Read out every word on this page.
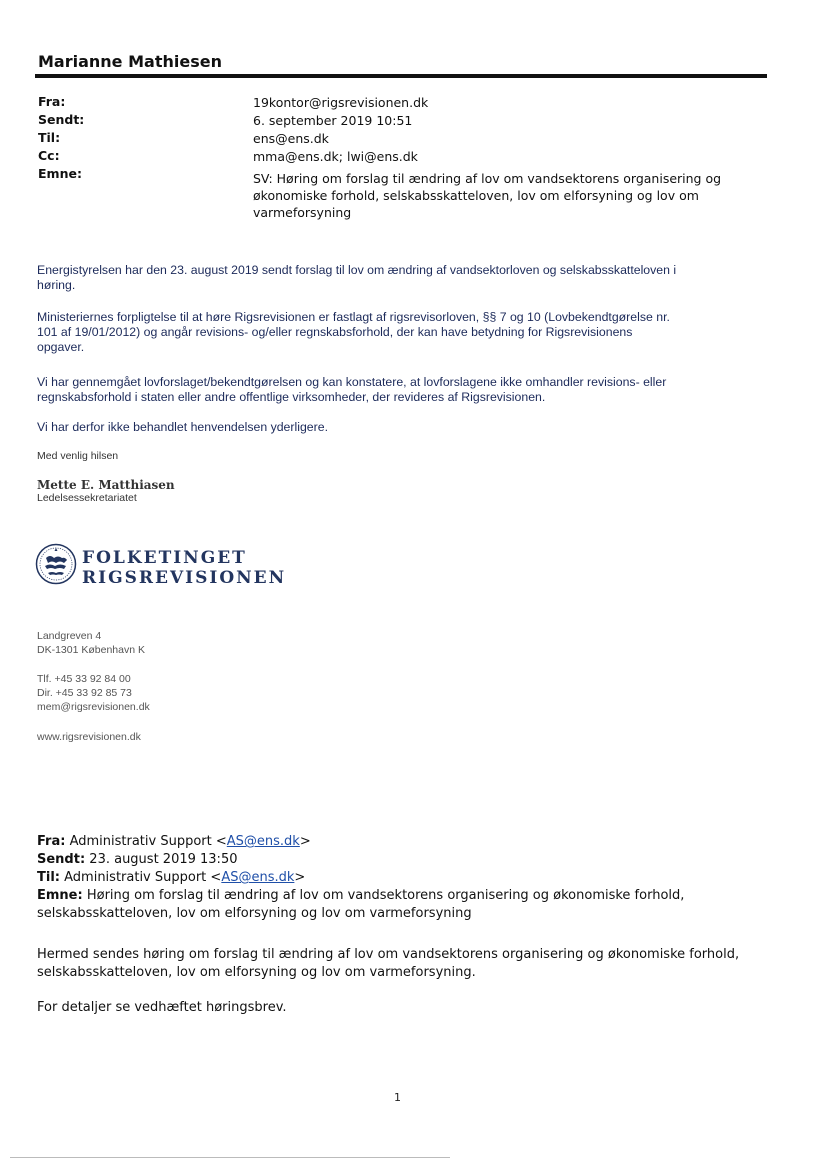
Marianne Mathiesen
Fra:
Sendt:
Til:
Cc:
Emne:
19kontor@rigsrevisionen.dk
6. september 2019 10:51
ens@ens.dk
mma@ens.dk; lwi@ens.dk
SV: Høring om forslag til ændring af lov om vandsektorens organisering og
økonomiske forhold, selskabsskatteloven, lov om elforsyning og lov om
varmeforsyning
Energistyrelsen har den 23. august 2019 sendt forslag til lov om ændring af vandsektorloven og selskabsskatteloven i
høring.
Ministeriernes forpligtelse til at høre Rigsrevisionen er fastlagt af rigsrevisorloven, §§ 7 og 10 (Lovbekendtgørelse nr.
101 af 19/01/2012) og angår revisions- og/eller regnskabsforhold, der kan have betydning for Rigsrevisionens
opgaver.
Vi har gennemgået lovforslaget/bekendtgørelsen og kan konstatere, at lovforslagene ikke omhandler revisions- eller
regnskabsforhold i staten eller andre offentlige virksomheder, der revideres af Rigsrevisionen.
Vi har derfor ikke behandlet henvendelsen yderligere.
Med venlig hilsen
Mette E. Matthiasen
Ledelsessekretariatet
FOLKETINGET
RIGSREVISIONEN
Landgreven 4
DK-1301 København K
Tlf. +45 33 92 84 00
Dir. +45 33 92 85 73
mem@rigsrevisionen.dk
www.rigsrevisionen.dk
Fra: Administrativ Support <AS@ens.dk>
Sendt: 23. august 2019 13:50
Til: Administrativ Support <AS@ens.dk>
Emne: Høring om forslag til ændring af lov om vandsektorens organisering og økonomiske forhold,
selskabsskatteloven, lov om elforsyning og lov om varmeforsyning
Hermed sendes høring om forslag til ændring af lov om vandsektorens organisering og økonomiske forhold,
selskabsskatteloven, lov om elforsyning og lov om varmeforsyning.
For detaljer se vedhæftet høringsbrev.
1
